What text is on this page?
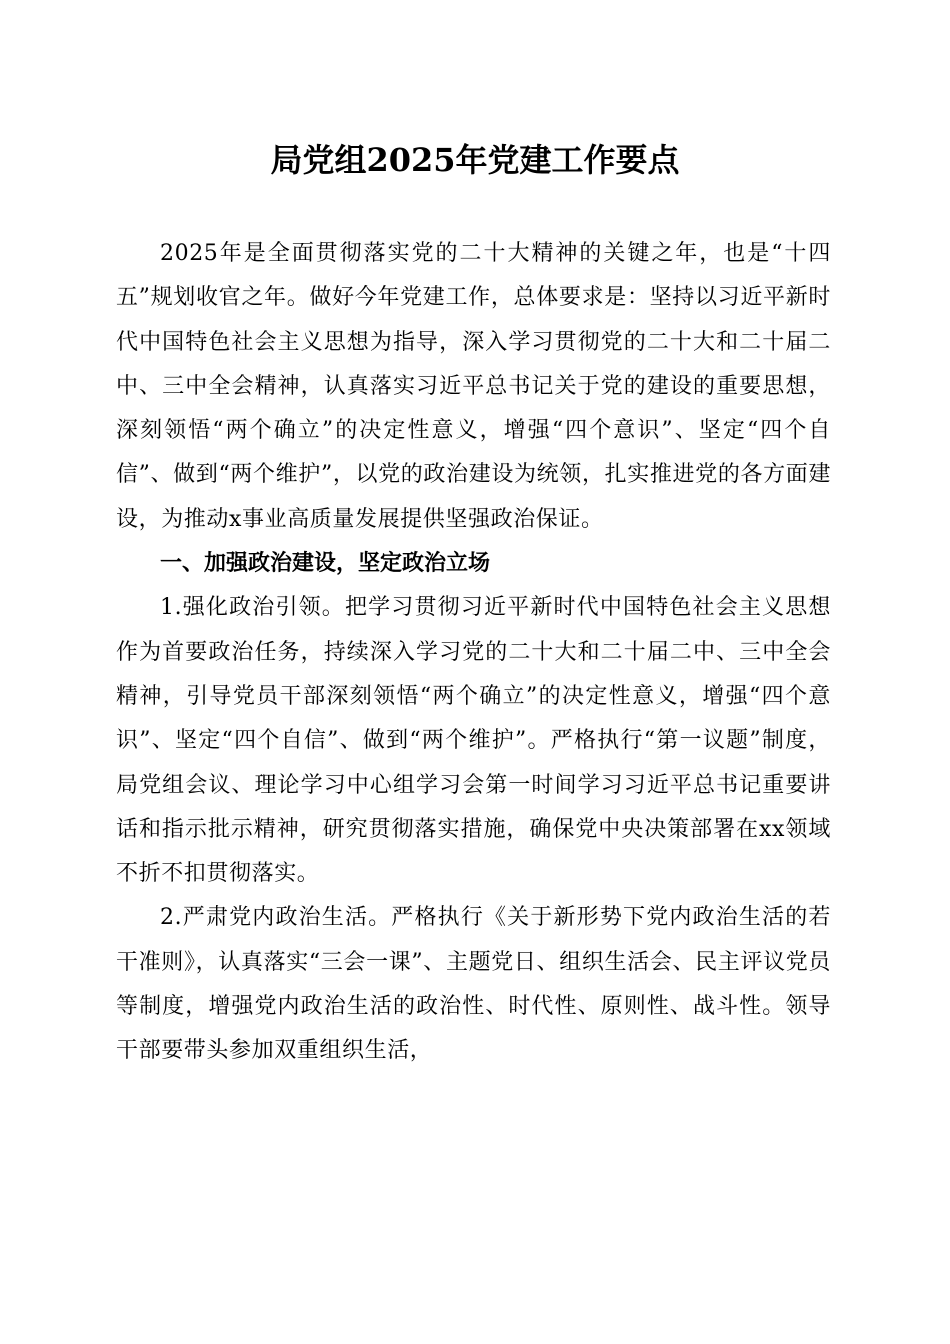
局党组2025年党建工作要点

2025年是全面贯彻落实党的二十大精神的关键之年，也是“十四五”规划收官之年。做好今年党建工作，总体要求是：坚持以习近平新时代中国特色社会主义思想为指导，深入学习贯彻党的二十大和二十届二中、三中全会精神，认真落实习近平总书记关于党的建设的重要思想，深刻领悟“两个确立”的决定性意义，增强“四个意识”、坚定“四个自信”、做到“两个维护”，以党的政治建设为统领，扎实推进党的各方面建设，为推动x事业高质量发展提供坚强政治保证。

一、加强政治建设，坚定政治立场

1.强化政治引领。把学习贯彻习近平新时代中国特色社会主义思想作为首要政治任务，持续深入学习党的二十大和二十届二中、三中全会精神，引导党员干部深刻领悟“两个确立”的决定性意义，增强“四个意识”、坚定“四个自信”、做到“两个维护”。严格执行“第一议题”制度，局党组会议、理论学习中心组学习会第一时间学习习近平总书记重要讲话和指示批示精神，研究贯彻落实措施，确保党中央决策部署在xx领域不折不扣贯彻落实。

2.严肃党内政治生活。严格执行《关于新形势下党内政治生活的若干准则》，认真落实“三会一课”、主题党日、组织生活会、民主评议党员等制度，增强党内政治生活的政治性、时代性、原则性、战斗性。领导干部要带头参加双重组织生活，
